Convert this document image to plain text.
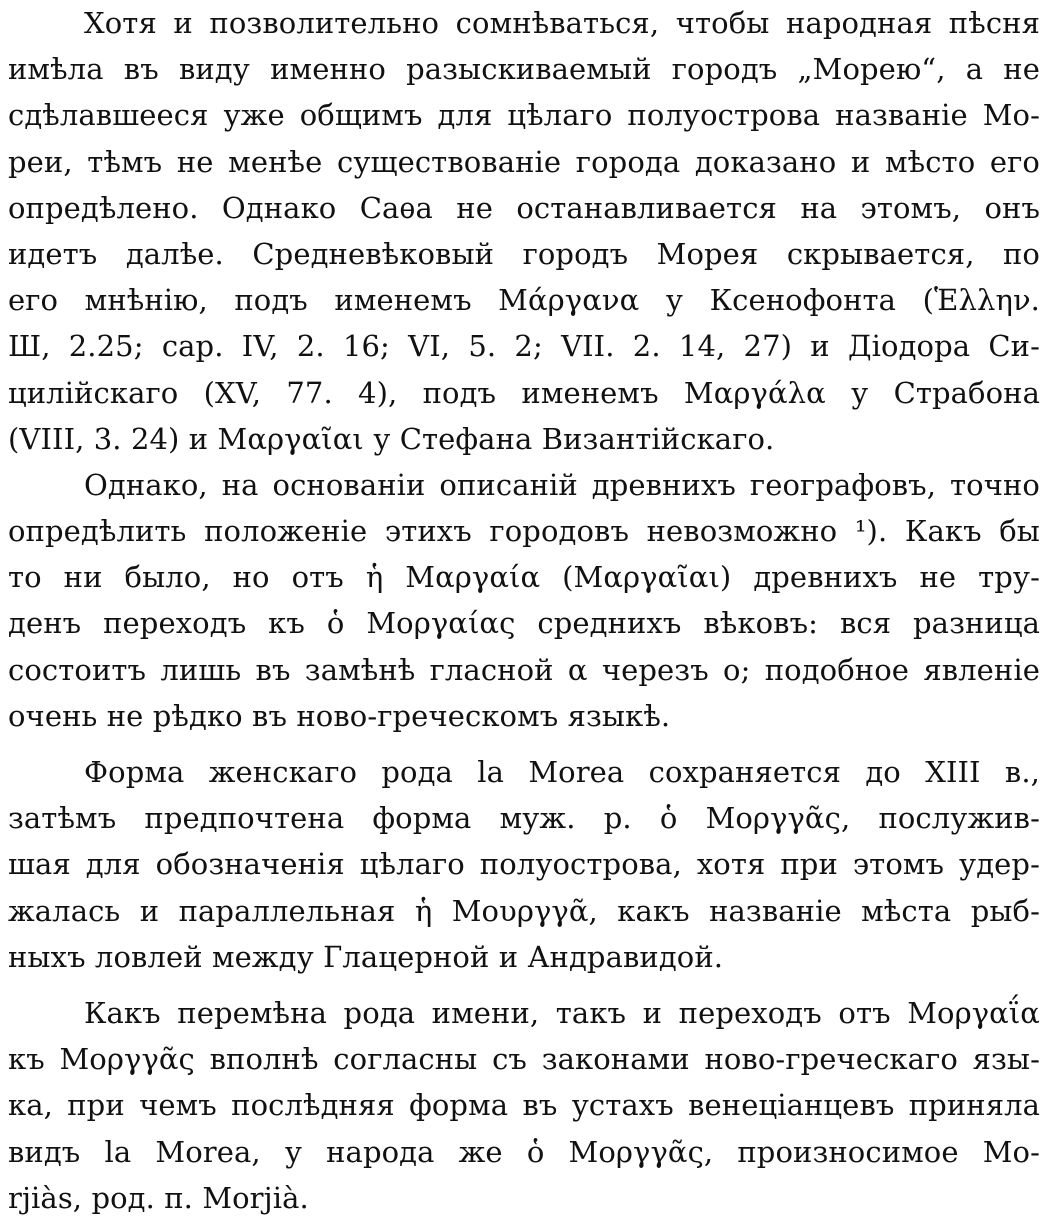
Хотя и позволительно сомнѣваться, чтобы народная пѣсня
имѣла въ виду именно разыскиваемый городъ „Морею“, а не
сдѣлавшееся уже общимъ для цѣлаго полуострова названіе Мо-
реи, тѣмъ не менѣе существованіе города доказано и мѣсто его
опредѣлено. Однако Саѳа не останавливается на этомъ, онъ
идетъ далѣе. Средневѣковый городъ Морея скрывается, по
его мнѣнію, подъ именемъ Μάργανα у Ксенофонта (Ἑλλην.
Ш, 2.25; cap. IV, 2. 16; VI, 5. 2; VII. 2. 14, 27) и Діодора Си-
цилійскаго (XV, 77. 4), подъ именемъ Μαργάλα у Страбона
(VIII, 3. 24) и Μαργαῖαι у Стефана Византійскаго.
Однако, на основаніи описаній древнихъ географовъ, точно
опредѣлить положеніе этихъ городовъ невозможно ¹). Какъ бы
то ни было, но отъ ἡ Μαργαία (Μαργαῖαι) древнихъ не тру-
денъ переходъ къ ὁ Μοργαίας среднихъ вѣковъ: вся разница
состоитъ лишь въ замѣнѣ гласной α черезъ ο; подобное явленіе
очень не рѣдко въ ново-греческомъ языкѣ.
Форма женскаго рода la Morea сохраняется до XIII в.,
затѣмъ предпочтена форма муж. р. ὁ Μοργγᾶς, послужив-
шая для обозначенія цѣлаго полуострова, хотя при этомъ удер-
жалась и параллельная ἡ Μουργγᾶ, какъ названіе мѣста рыб-
ныхъ ловлей между Глацерной и Андравидой.
Какъ перемѣна рода имени, такъ и переходъ отъ Μοργαΐα
къ Μοργγᾶς вполнѣ согласны съ законами ново-греческаго язы-
ка, при чемъ послѣдняя форма въ устахъ венеціанцевъ приняла
видъ la Morea, у народа же ὁ Μοργγᾶς, произносимое Mo-
rjiàs, род. п. Morjià.
